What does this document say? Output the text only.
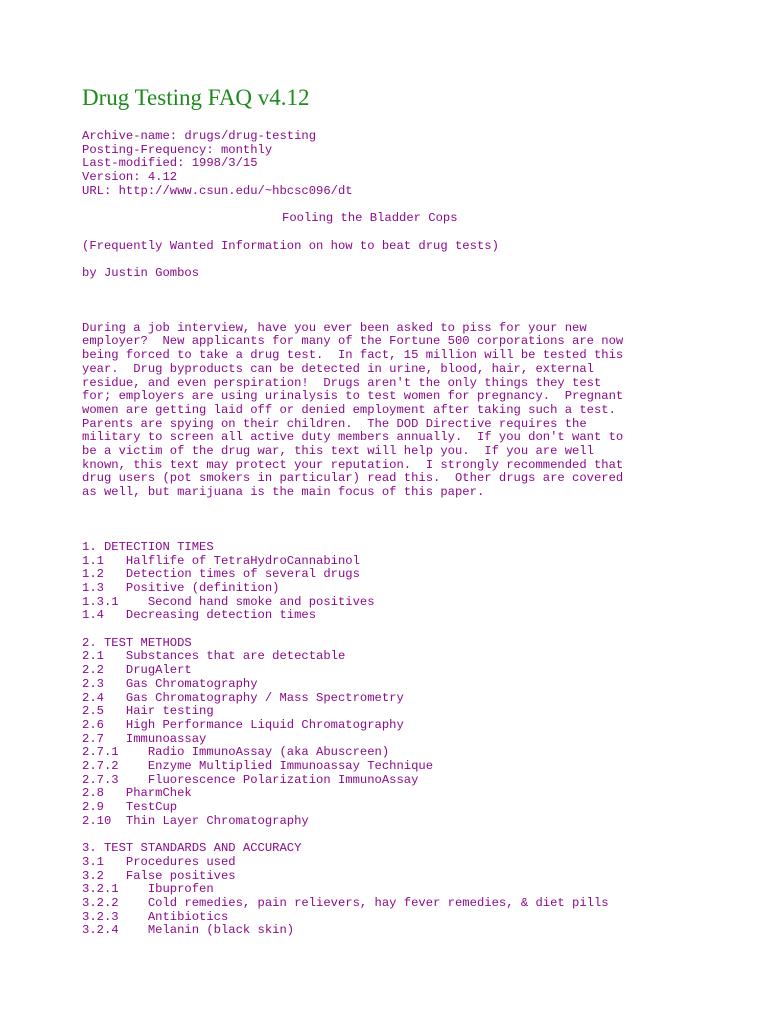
Drug Testing FAQ v4.12

Archive-name: drugs/drug-testing

Posting-Frequency: monthly

Last-modified: 1998/3/15

Version: 4.12

URL: http://www.csun.edu/~hbcsc096/dt

Fooling the Bladder Cops

(Frequently Wanted Information on how to beat drug tests)

by Justin Gombos

During a job interview, have you ever been asked to piss for your new

employer?  New applicants for many of the Fortune 500 corporations are now

being forced to take a drug test.  In fact, 15 million will be tested this

year.  Drug byproducts can be detected in urine, blood, hair, external

residue, and even perspiration!  Drugs aren't the only things they test

for; employers are using urinalysis to test women for pregnancy.  Pregnant

women are getting laid off or denied employment after taking such a test.

Parents are spying on their children.  The DOD Directive requires the

military to screen all active duty members annually.  If you don't want to

be a victim of the drug war, this text will help you.  If you are well

known, this text may protect your reputation.  I strongly recommended that

drug users (pot smokers in particular) read this.  Other drugs are covered

as well, but marijuana is the main focus of this paper.

1. DETECTION TIMES

1.1   Halflife of TetraHydroCannabinol

1.2   Detection times of several drugs

1.3   Positive (definition)

1.3.1    Second hand smoke and positives

1.4   Decreasing detection times

2. TEST METHODS

2.1   Substances that are detectable

2.2   DrugAlert

2.3   Gas Chromatography

2.4   Gas Chromatography / Mass Spectrometry

2.5   Hair testing

2.6   High Performance Liquid Chromatography

2.7   Immunoassay

2.7.1    Radio ImmunoAssay (aka Abuscreen)

2.7.2    Enzyme Multiplied Immunoassay Technique

2.7.3    Fluorescence Polarization ImmunoAssay

2.8   PharmChek

2.9   TestCup

2.10  Thin Layer Chromatography

3. TEST STANDARDS AND ACCURACY

3.1   Procedures used

3.2   False positives

3.2.1    Ibuprofen

3.2.2    Cold remedies, pain relievers, hay fever remedies, & diet pills

3.2.3    Antibiotics

3.2.4    Melanin (black skin)
